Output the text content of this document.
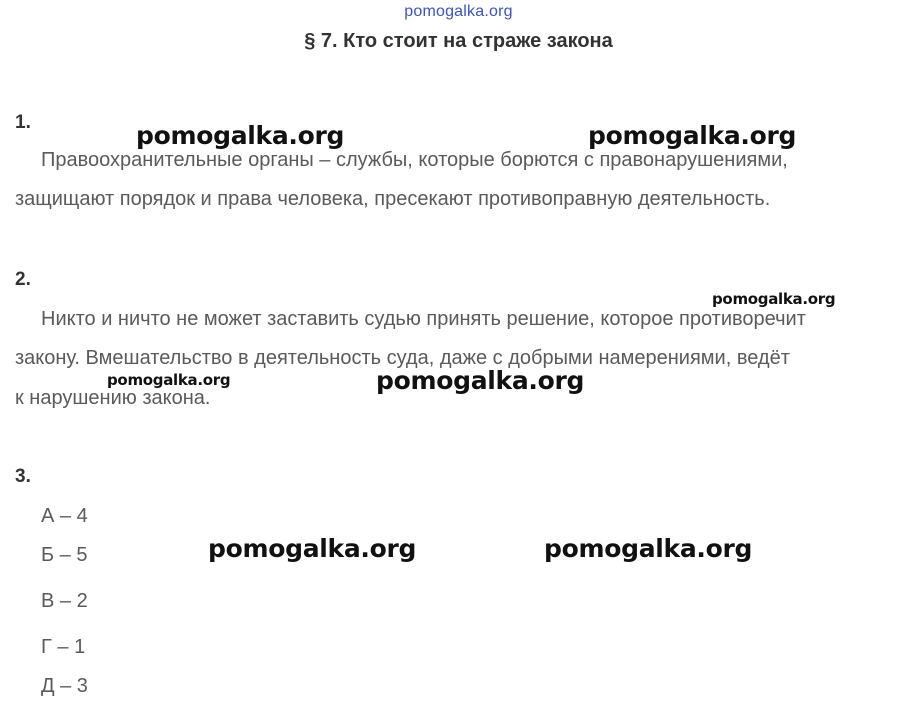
pomogalka.org
§ 7. Кто стоит на страже закона
1.
Правоохранительные органы – службы, которые борются с правонарушениями,
защищают порядок и права человека, пресекают противоправную деятельность.
2.
Никто и ничто не может заставить судью принять решение, которое противоречит
закону. Вмешательство в деятельность суда, даже с добрыми намерениями, ведёт
к нарушению закона.
3.
А – 4
Б – 5
В – 2
Г – 1
Д – 3
pomogalka.org	pomogalka.org
pomogalka.org
pomogalka.org	pomogalka.org
pomogalka.org	pomogalka.org
